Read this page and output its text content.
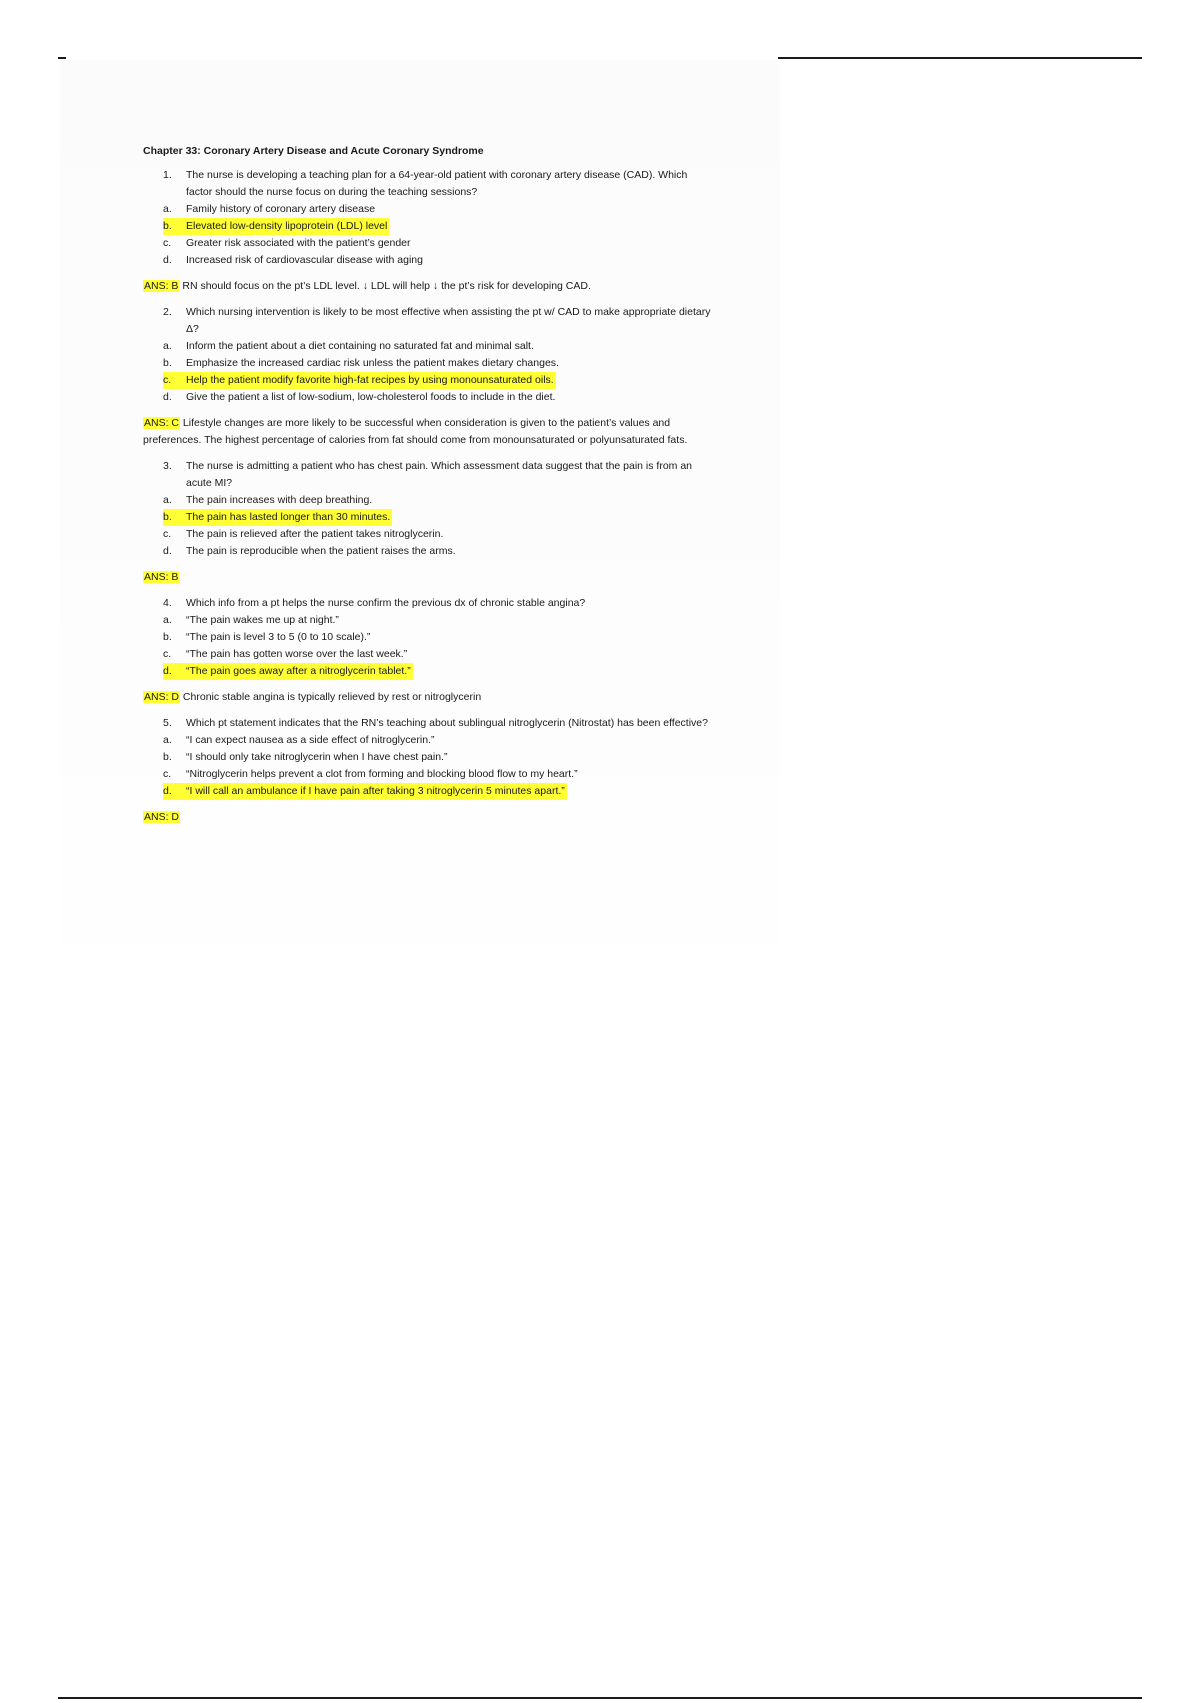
Chapter 33: Coronary Artery Disease and Acute Coronary Syndrome
1.	The nurse is developing a teaching plan for a 64-year-old patient with coronary artery disease (CAD). Which factor should the nurse focus on during the teaching sessions?
a.	Family history of coronary artery disease
b. Elevated low-density lipoprotein (LDL) level
c.	Greater risk associated with the patient’s gender
d.	Increased risk of cardiovascular disease with aging
ANS: B RN should focus on the pt’s LDL level. ↓ LDL will help ↓ the pt’s risk for developing CAD.
2.	Which nursing intervention is likely to be most effective when assisting the pt w/ CAD to make appropriate dietary Δ?
a.	Inform the patient about a diet containing no saturated fat and minimal salt.
b.	Emphasize the increased cardiac risk unless the patient makes dietary changes.
c. Help the patient modify favorite high-fat recipes by using monounsaturated oils.
d.	Give the patient a list of low-sodium, low-cholesterol foods to include in the diet.
ANS: C Lifestyle changes are more likely to be successful when consideration is given to the patient’s values and preferences. The highest percentage of calories from fat should come from monounsaturated or polyunsaturated fats.
3.	The nurse is admitting a patient who has chest pain. Which assessment data suggest that the pain is from an acute MI?
a.	The pain increases with deep breathing.
b. The pain has lasted longer than 30 minutes.
c.	The pain is relieved after the patient takes nitroglycerin.
d.	The pain is reproducible when the patient raises the arms.
ANS: B
4.	Which info from a pt helps the nurse confirm the previous dx of chronic stable angina?
a.	“The pain wakes me up at night.”
b.	“The pain is level 3 to 5 (0 to 10 scale).”
c.	“The pain has gotten worse over the last week.”
d. “The pain goes away after a nitroglycerin tablet.”
ANS: D Chronic stable angina is typically relieved by rest or nitroglycerin
5.	Which pt statement indicates that the RN’s teaching about sublingual nitroglycerin (Nitrostat) has been effective?
a.	“I can expect nausea as a side effect of nitroglycerin.”
b.	“I should only take nitroglycerin when I have chest pain.”
c.	“Nitroglycerin helps prevent a clot from forming and blocking blood flow to my heart.”
d. “I will call an ambulance if I have pain after taking 3 nitroglycerin 5 minutes apart.”
ANS: D
